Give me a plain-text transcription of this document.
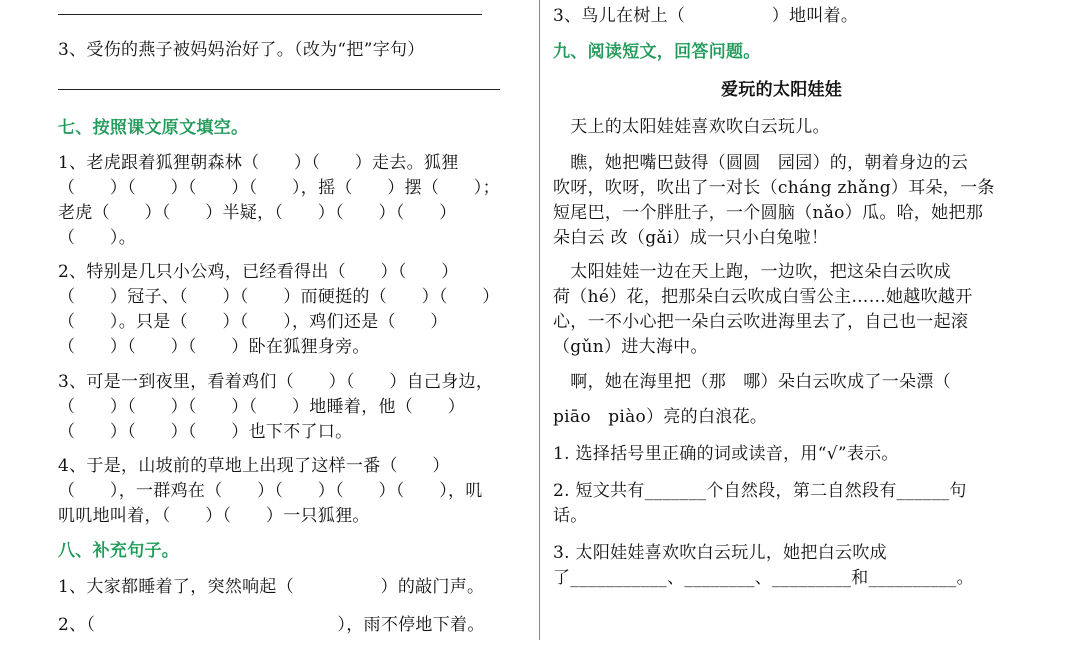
3、受伤的燕子被妈妈治好了。（改为“把”字句）
七、按照课文原文填空。
1、老虎跟着狐狸朝森林（　　）（　　）走去。狐狸
（　　）（　　）（　　）（　　），摇（　　）摆（　　）；
老虎（　　）（　　）半疑，（　　）（　　）（　　）
（　　）。
2、特别是几只小公鸡，已经看得出（　　）（　　）
（　　）冠子、（　　）（　　）而硬挺的（　　）（　　）
（　　）。只是（　　）（　　），鸡们还是（　　）
（　　）（　　）（　　）卧在狐狸身旁。
3、可是一到夜里，看着鸡们（　　）（　　）自己身边，
（　　）（　　）（　　）（　　）地睡着，他（　　）
（　　）（　　）（　　）也下不了口。
4、于是，山坡前的草地上出现了这样一番（　　）
（　　），一群鸡在（　　）（　　）（　　）（　　），叽
叽叽地叫着，（　　）（　　）一只狐狸。
八、补充句子。
1、大家都睡着了，突然响起（　　　　　）的敲门声。
2、（　　　　　　　　　　　　　　），雨不停地下着。
3、鸟儿在树上（　　　　　）地叫着。
九、阅读短文，回答问题。
爱玩的太阳娃娃
　天上的太阳娃娃喜欢吹白云玩儿。
　瞧，她把嘴巴鼓得（圆圆　园园）的，朝着身边的云
吹呀，吹呀，吹出了一对长（cháng zhǎng）耳朵，一条
短尾巴，一个胖肚子，一个圆脑（nǎo）瓜。哈，她把那
朵白云 改（gǎi）成一只小白兔啦！
　太阳娃娃一边在天上跑，一边吹，把这朵白云吹成
荷（hé）花，把那朵白云吹成白雪公主……她越吹越开
心，一不小心把一朵白云吹进海里去了，自己也一起滚
（gǔn）进大海中。
　啊，她在海里把（那　哪）朵白云吹成了一朵漂（
piāo　piào）亮的白浪花。
1. 选择括号里正确的词或读音，用“√”表示。
2. 短文共有_______个自然段，第二自然段有______句
话。
3. 太阳娃娃喜欢吹白云玩儿，她把白云吹成
了___________、________、_________和__________。
